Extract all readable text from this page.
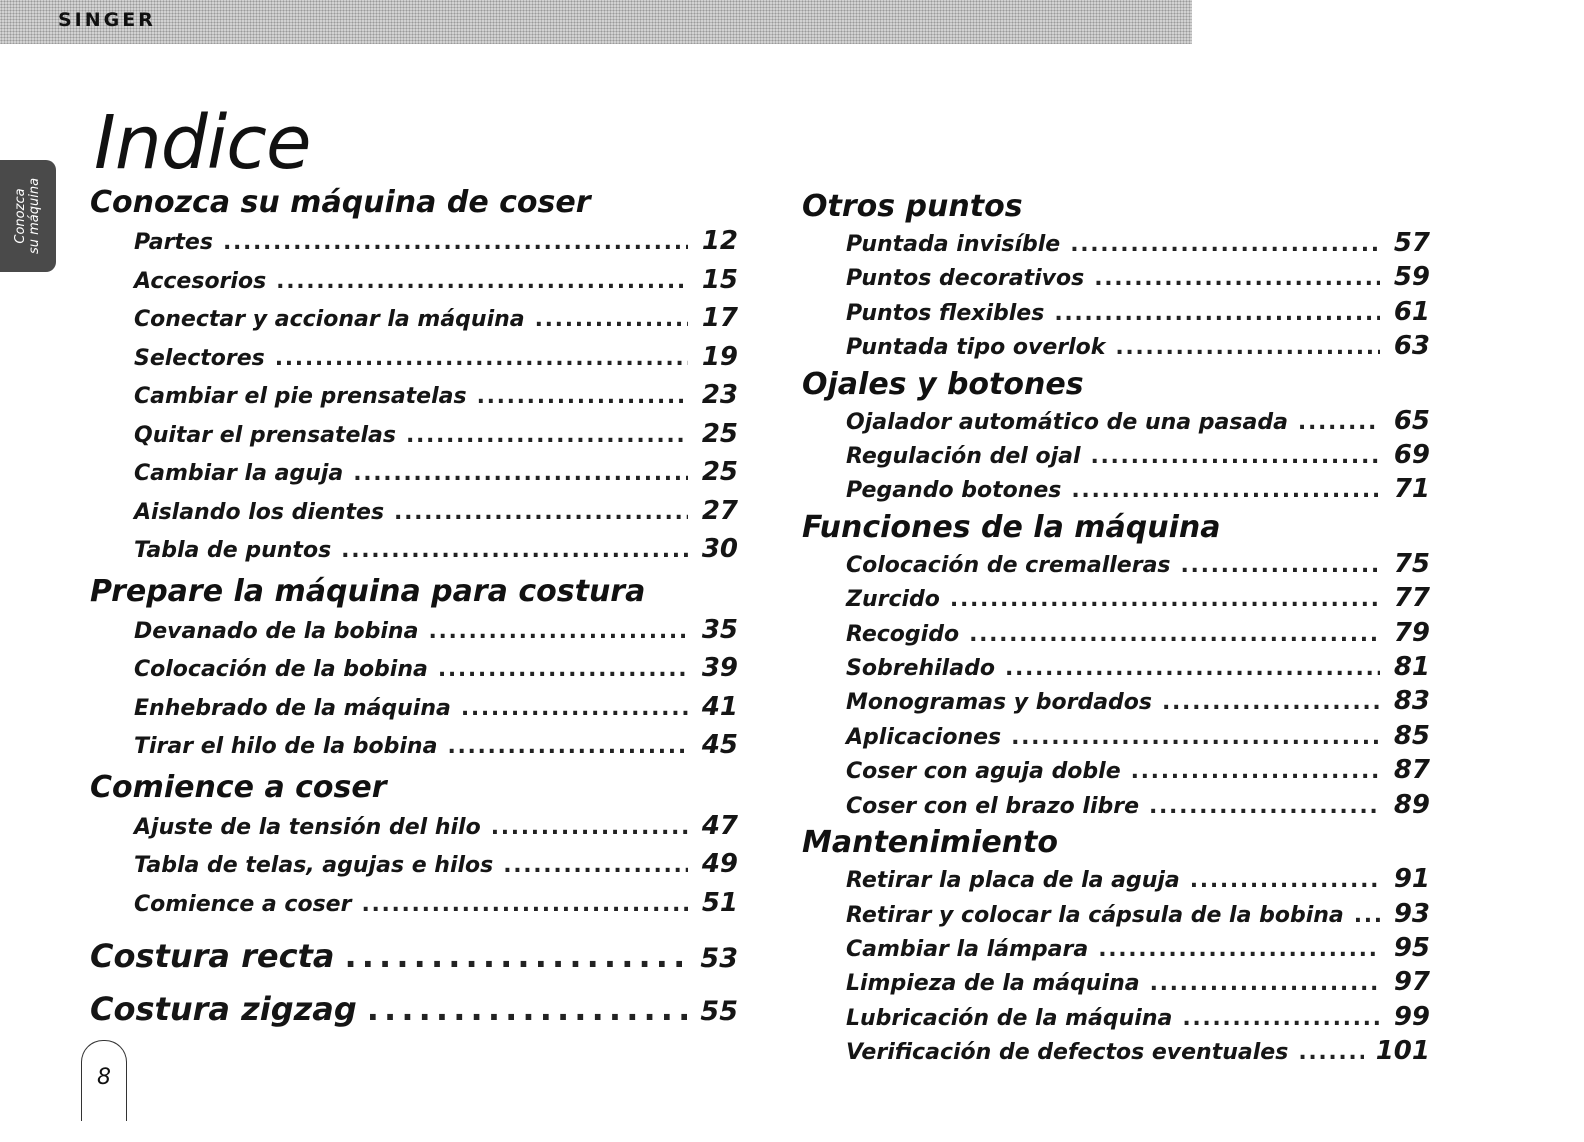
SINGER
Conozca su máquina
Indice
Conozca su máquina de coser
Partes . . .	12
Accesorios . . .	15
Conectar y accionar la máquina . . .	17
Selectores . . .	19
Cambiar el pie prensatelas . . .	23
Quitar el prensatelas . . .	25
Cambiar la aguja . . .	25
Aislando los dientes . . .	27
Tabla de puntos . . .	30
Prepare la máquina para costura
Devanado de la bobina . . .	35
Colocación de la bobina . . .	39
Enhebrado de la máquina . . .	41
Tirar el hilo de la bobina . . .	45
Comience a coser
Ajuste de la tensión del hilo . . .	47
Tabla de telas, agujas e hilos . . .	49
Comience a coser . . .	51
Costura recta . . .	53
Costura zigzag . . .	55
Otros puntos
Puntada invisíble . . .	57
Puntos decorativos . . .	59
Puntos flexibles . . .	61
Puntada tipo overlok . . .	63
Ojales y botones
Ojalador automático de una pasada . . .	65
Regulación del ojal . . .	69
Pegando botones . . .	71
Funciones de la máquina
Colocación de cremalleras . . .	75
Zurcido . . .	77
Recogido . . .	79
Sobrehilado . . .	81
Monogramas y bordados . . .	83
Aplicaciones . . .	85
Coser con aguja doble . . .	87
Coser con el brazo libre . . .	89
Mantenimiento
Retirar la placa de la aguja . . .	91
Retirar y colocar la cápsula de la bobina . . . 93
Cambiar la lámpara . . .	95
Limpieza de la máquina . . .	97
Lubricación de la máquina . . .	99
Verificación de defectos eventuales . . .	101
8
